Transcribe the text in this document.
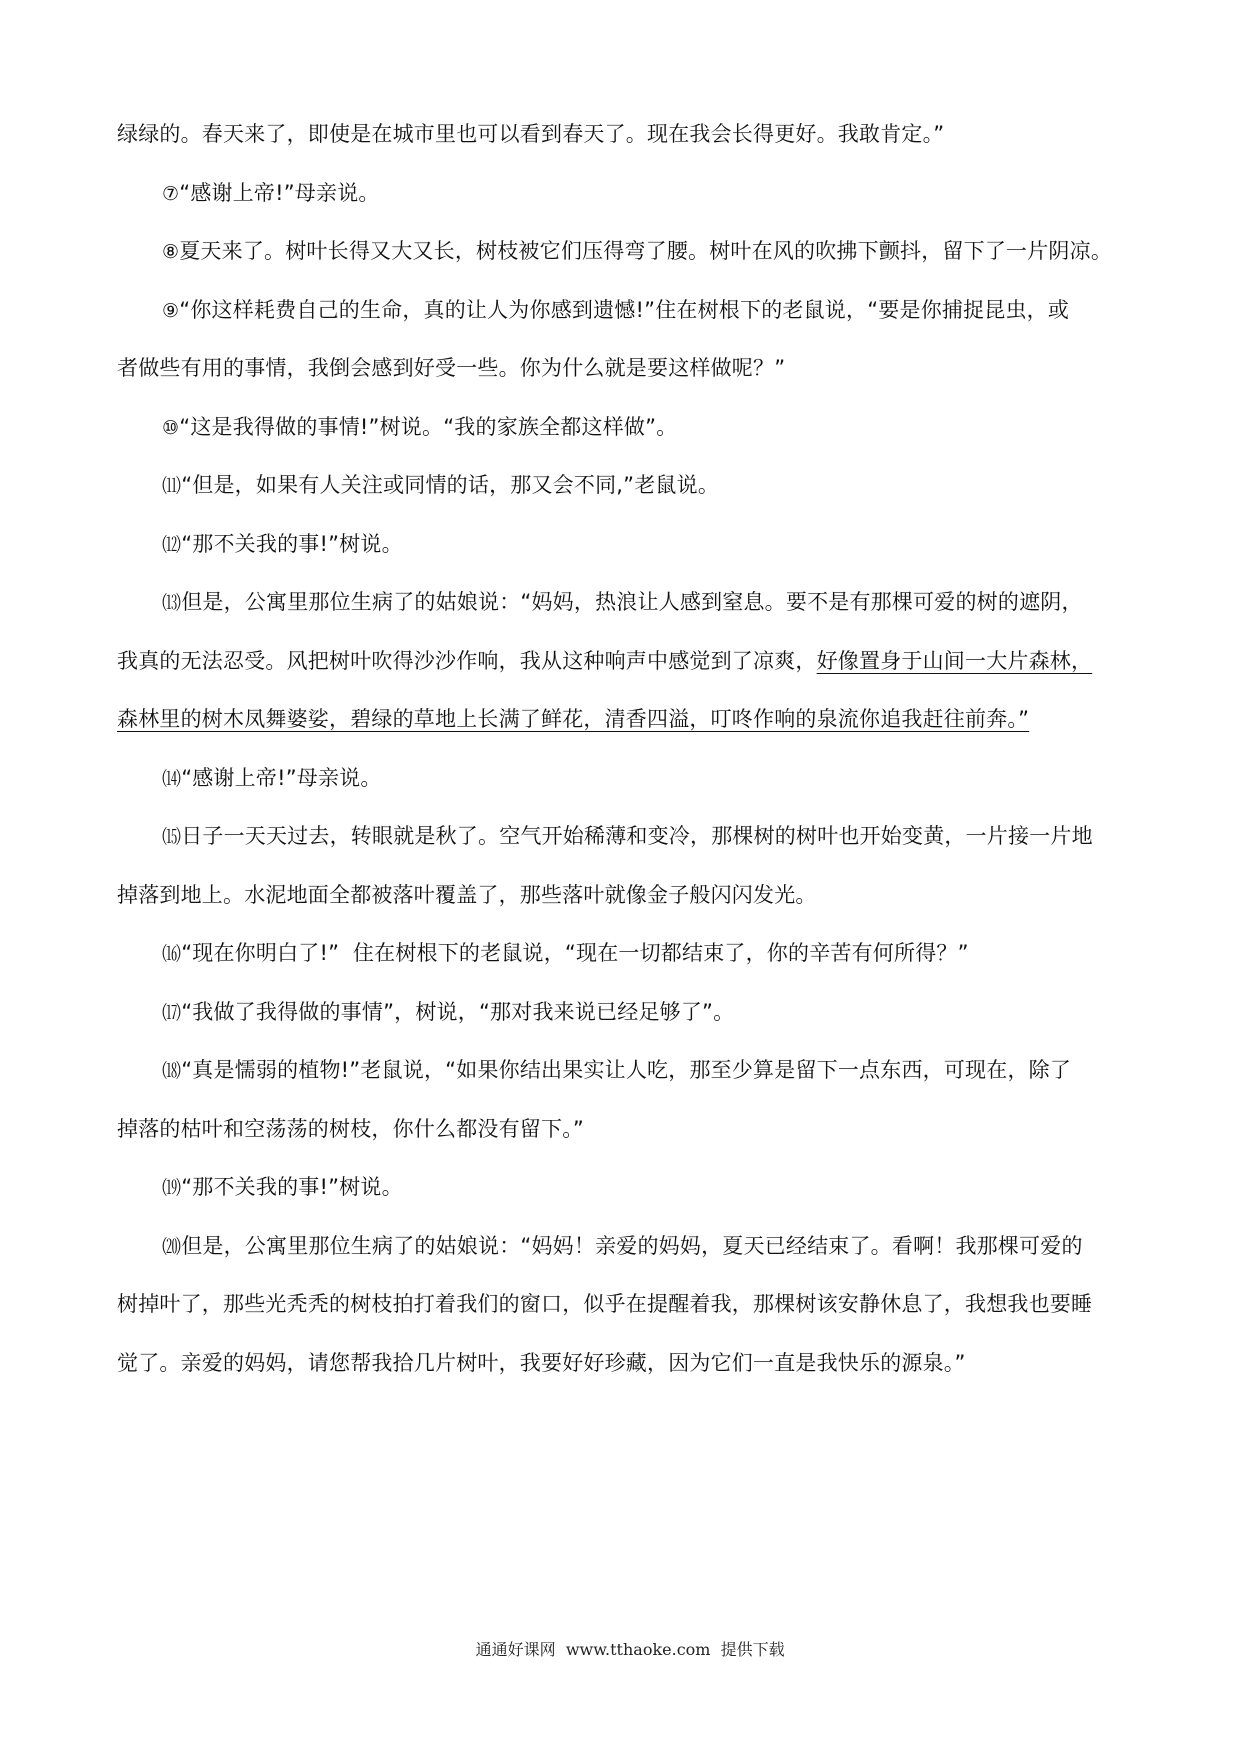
绿绿的。春天来了，即使是在城市里也可以看到春天了。现在我会长得更好。我敢肯定。”
⑦“感谢上帝!”母亲说。
⑧夏天来了。树叶长得又大又长，树枝被它们压得弯了腰。树叶在风的吹拂下颤抖，留下了一片阴凉。
⑨“你这样耗费自己的生命，真的让人为你感到遗憾!”住在树根下的老鼠说，“要是你捕捉昆虫，或
者做些有用的事情，我倒会感到好受一些。你为什么就是要这样做呢？”
⑩“这是我得做的事情!”树说。“我的家族全都这样做”。
⑾“但是，如果有人关注或同情的话，那又会不同,”老鼠说。
⑿“那不关我的事!”树说。
⒀但是，公寓里那位生病了的姑娘说：“妈妈，热浪让人感到窒息。要不是有那棵可爱的树的遮阴，
我真的无法忍受。风把树叶吹得沙沙作响，我从这种响声中感觉到了凉爽，好像置身于山间一大片森林，
森林里的树木凤舞婆娑，碧绿的草地上长满了鲜花，清香四溢，叮咚作响的泉流你追我赶往前奔。”
⒁“感谢上帝!”母亲说。
⒂日子一天天过去，转眼就是秋了。空气开始稀薄和变冷，那棵树的树叶也开始变黄，一片接一片地
掉落到地上。水泥地面全都被落叶覆盖了，那些落叶就像金子般闪闪发光。
⒃“现在你明白了!”  住在树根下的老鼠说，“现在一切都结束了，你的辛苦有何所得？”
⒄“我做了我得做的事情”，树说，“那对我来说已经足够了”。
⒅“真是懦弱的植物!”老鼠说，“如果你结出果实让人吃，那至少算是留下一点东西，可现在，除了
掉落的枯叶和空荡荡的树枝，你什么都没有留下。”
⒆“那不关我的事!”树说。
⒇但是，公寓里那位生病了的姑娘说：“妈妈！亲爱的妈妈，夏天已经结束了。看啊！我那棵可爱的
树掉叶了，那些光秃秃的树枝拍打着我们的窗口，似乎在提醒着我，那棵树该安静休息了，我想我也要睡
觉了。亲爱的妈妈，请您帮我拾几片树叶，我要好好珍藏，因为它们一直是我快乐的源泉。”

通通好课网  www.tthaoke.com  提供下载
